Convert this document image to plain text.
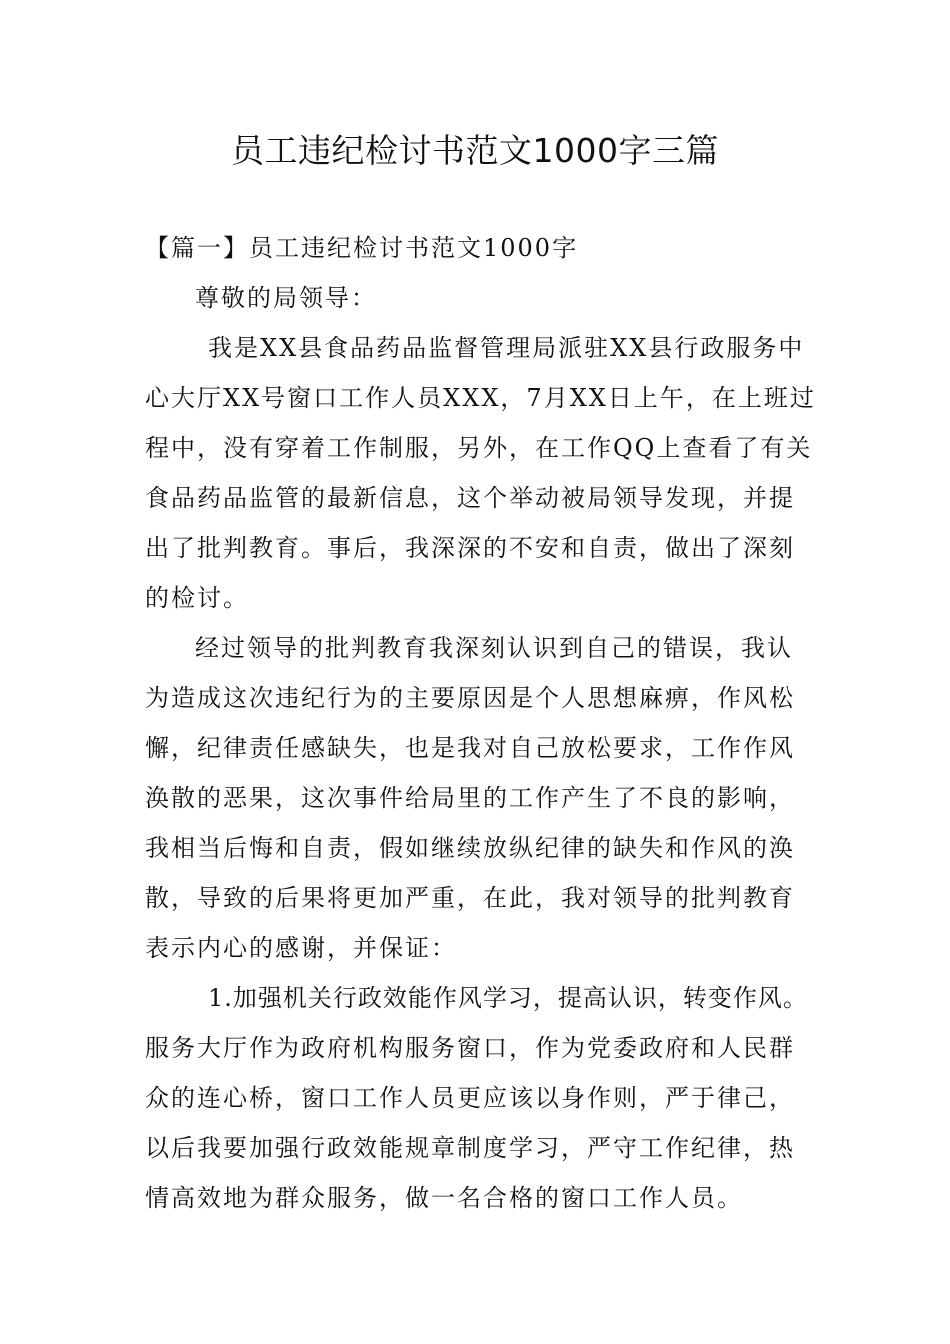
员工违纪检讨书范文1000字三篇
【篇一】员工违纪检讨书范文1000字
尊敬的局领导：
我是XX县食品药品监督管理局派驻XX县行政服务中
心大厅XX号窗口工作人员XXX，7月XX日上午，在上班过
程中，没有穿着工作制服，另外，在工作QQ上查看了有关
食品药品监管的最新信息，这个举动被局领导发现，并提
出了批判教育。事后，我深深的不安和自责，做出了深刻
的检讨。
经过领导的批判教育我深刻认识到自己的错误，我认
为造成这次违纪行为的主要原因是个人思想麻痹，作风松
懈，纪律责任感缺失，也是我对自己放松要求，工作作风
涣散的恶果，这次事件给局里的工作产生了不良的影响，
我相当后悔和自责，假如继续放纵纪律的缺失和作风的涣
散，导致的后果将更加严重，在此，我对领导的批判教育
表示内心的感谢，并保证：
1.加强机关行政效能作风学习，提高认识，转变作风。
服务大厅作为政府机构服务窗口，作为党委政府和人民群
众的连心桥，窗口工作人员更应该以身作则，严于律己，
以后我要加强行政效能规章制度学习，严守工作纪律，热
情高效地为群众服务，做一名合格的窗口工作人员。
